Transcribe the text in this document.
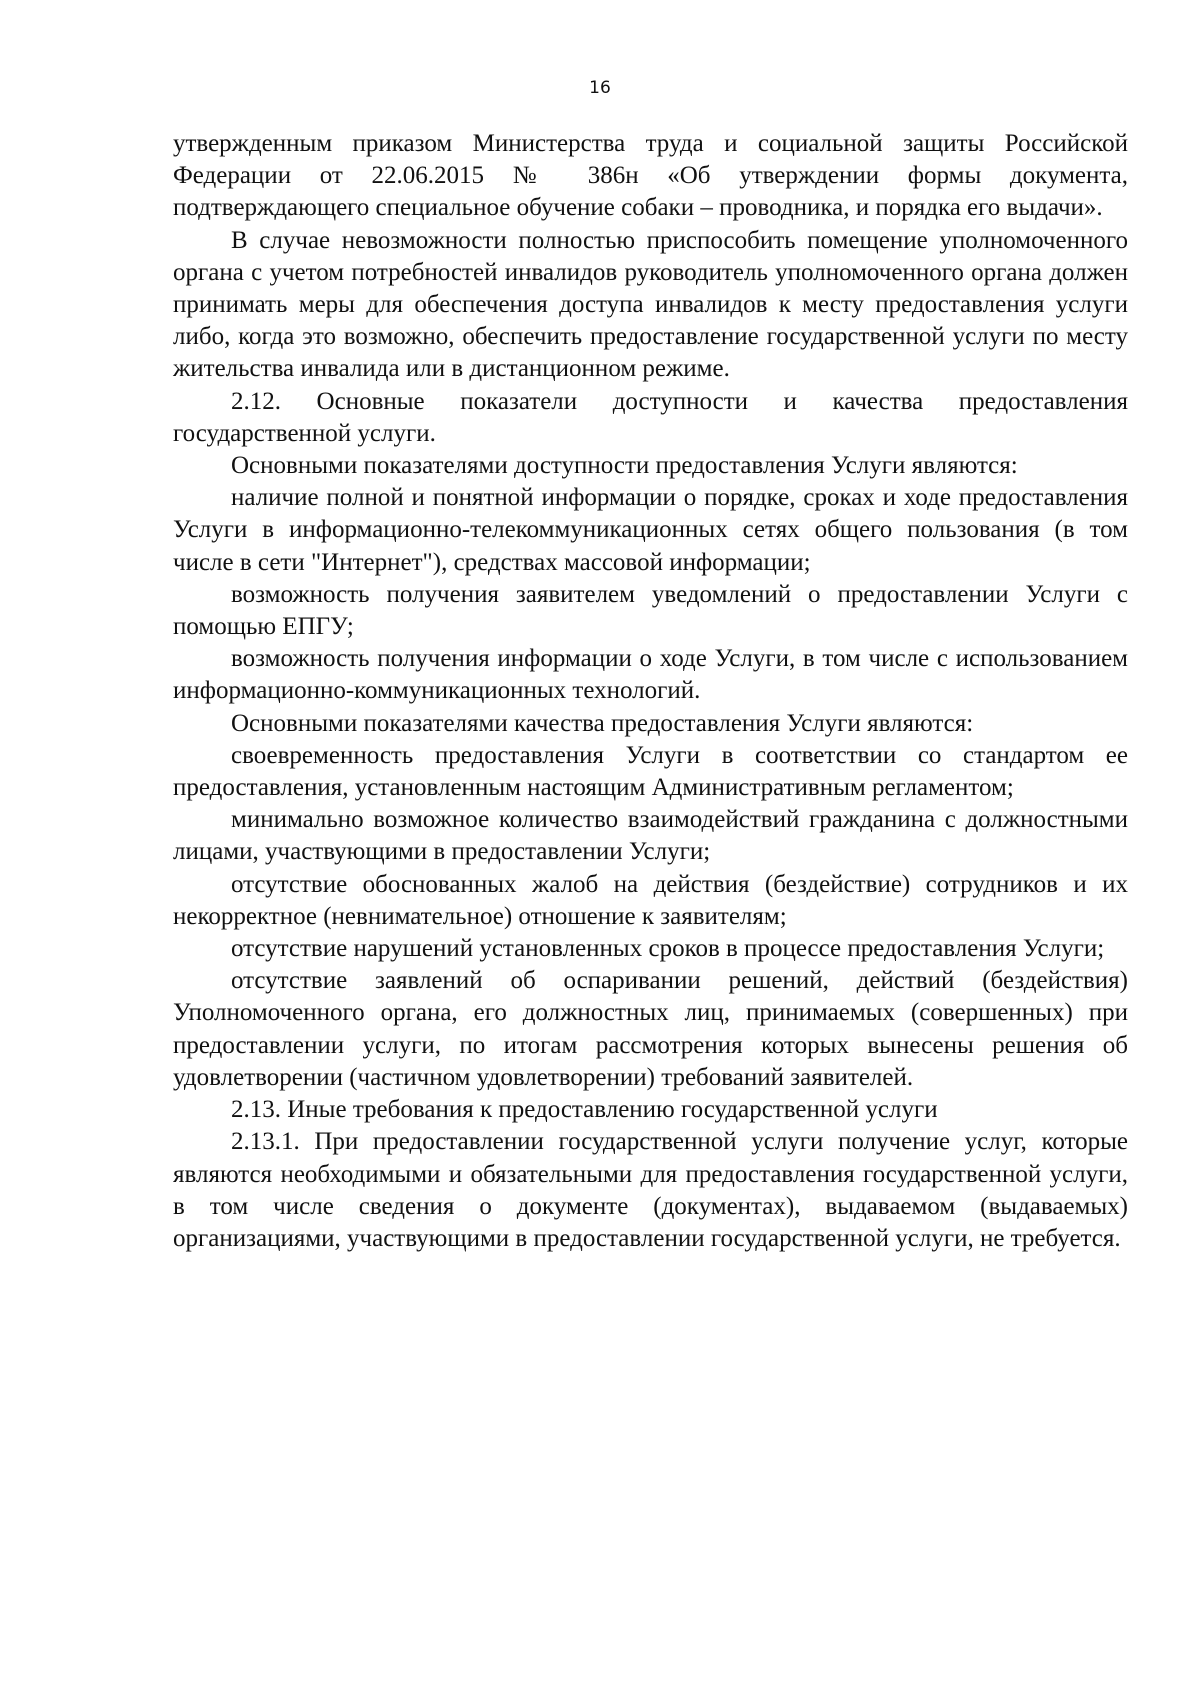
16

утвержденным приказом Министерства труда и социальной защиты Российской Федерации от 22.06.2015 № 386н «Об утверждении формы документа, подтверждающего специальное обучение собаки – проводника, и порядка его выдачи».

В случае невозможности полностью приспособить помещение уполномоченного органа с учетом потребностей инвалидов руководитель уполномоченного органа должен принимать меры для обеспечения доступа инвалидов к месту предоставления услуги либо, когда это возможно, обеспечить предоставление государственной услуги по месту жительства инвалида или в дистанционном режиме.

2.12. Основные показатели доступности и качества предоставления государственной услуги.

Основными показателями доступности предоставления Услуги являются:

наличие полной и понятной информации о порядке, сроках и ходе предоставления Услуги в информационно-телекоммуникационных сетях общего пользования (в том числе в сети "Интернет"), средствах массовой информации;

возможность получения заявителем уведомлений о предоставлении Услуги с помощью ЕПГУ;

возможность получения информации о ходе Услуги, в том числе с использованием информационно-коммуникационных технологий.

Основными показателями качества предоставления Услуги являются:

своевременность предоставления Услуги в соответствии со стандартом ее предоставления, установленным настоящим Административным регламентом;

минимально возможное количество взаимодействий гражданина с должностными лицами, участвующими в предоставлении Услуги;

отсутствие обоснованных жалоб на действия (бездействие) сотрудников и их некорректное (невнимательное) отношение к заявителям;

отсутствие нарушений установленных сроков в процессе предоставления Услуги;

отсутствие заявлений об оспаривании решений, действий (бездействия) Уполномоченного органа, его должностных лиц, принимаемых (совершенных) при предоставлении услуги, по итогам рассмотрения которых вынесены решения об удовлетворении (частичном удовлетворении) требований заявителей.

2.13. Иные требования к предоставлению государственной услуги

2.13.1. При предоставлении государственной услуги получение услуг, которые являются необходимыми и обязательными для предоставления государственной услуги, в том числе сведения о документе (документах), выдаваемом (выдаваемых) организациями, участвующими в предоставлении государственной услуги, не требуется.
